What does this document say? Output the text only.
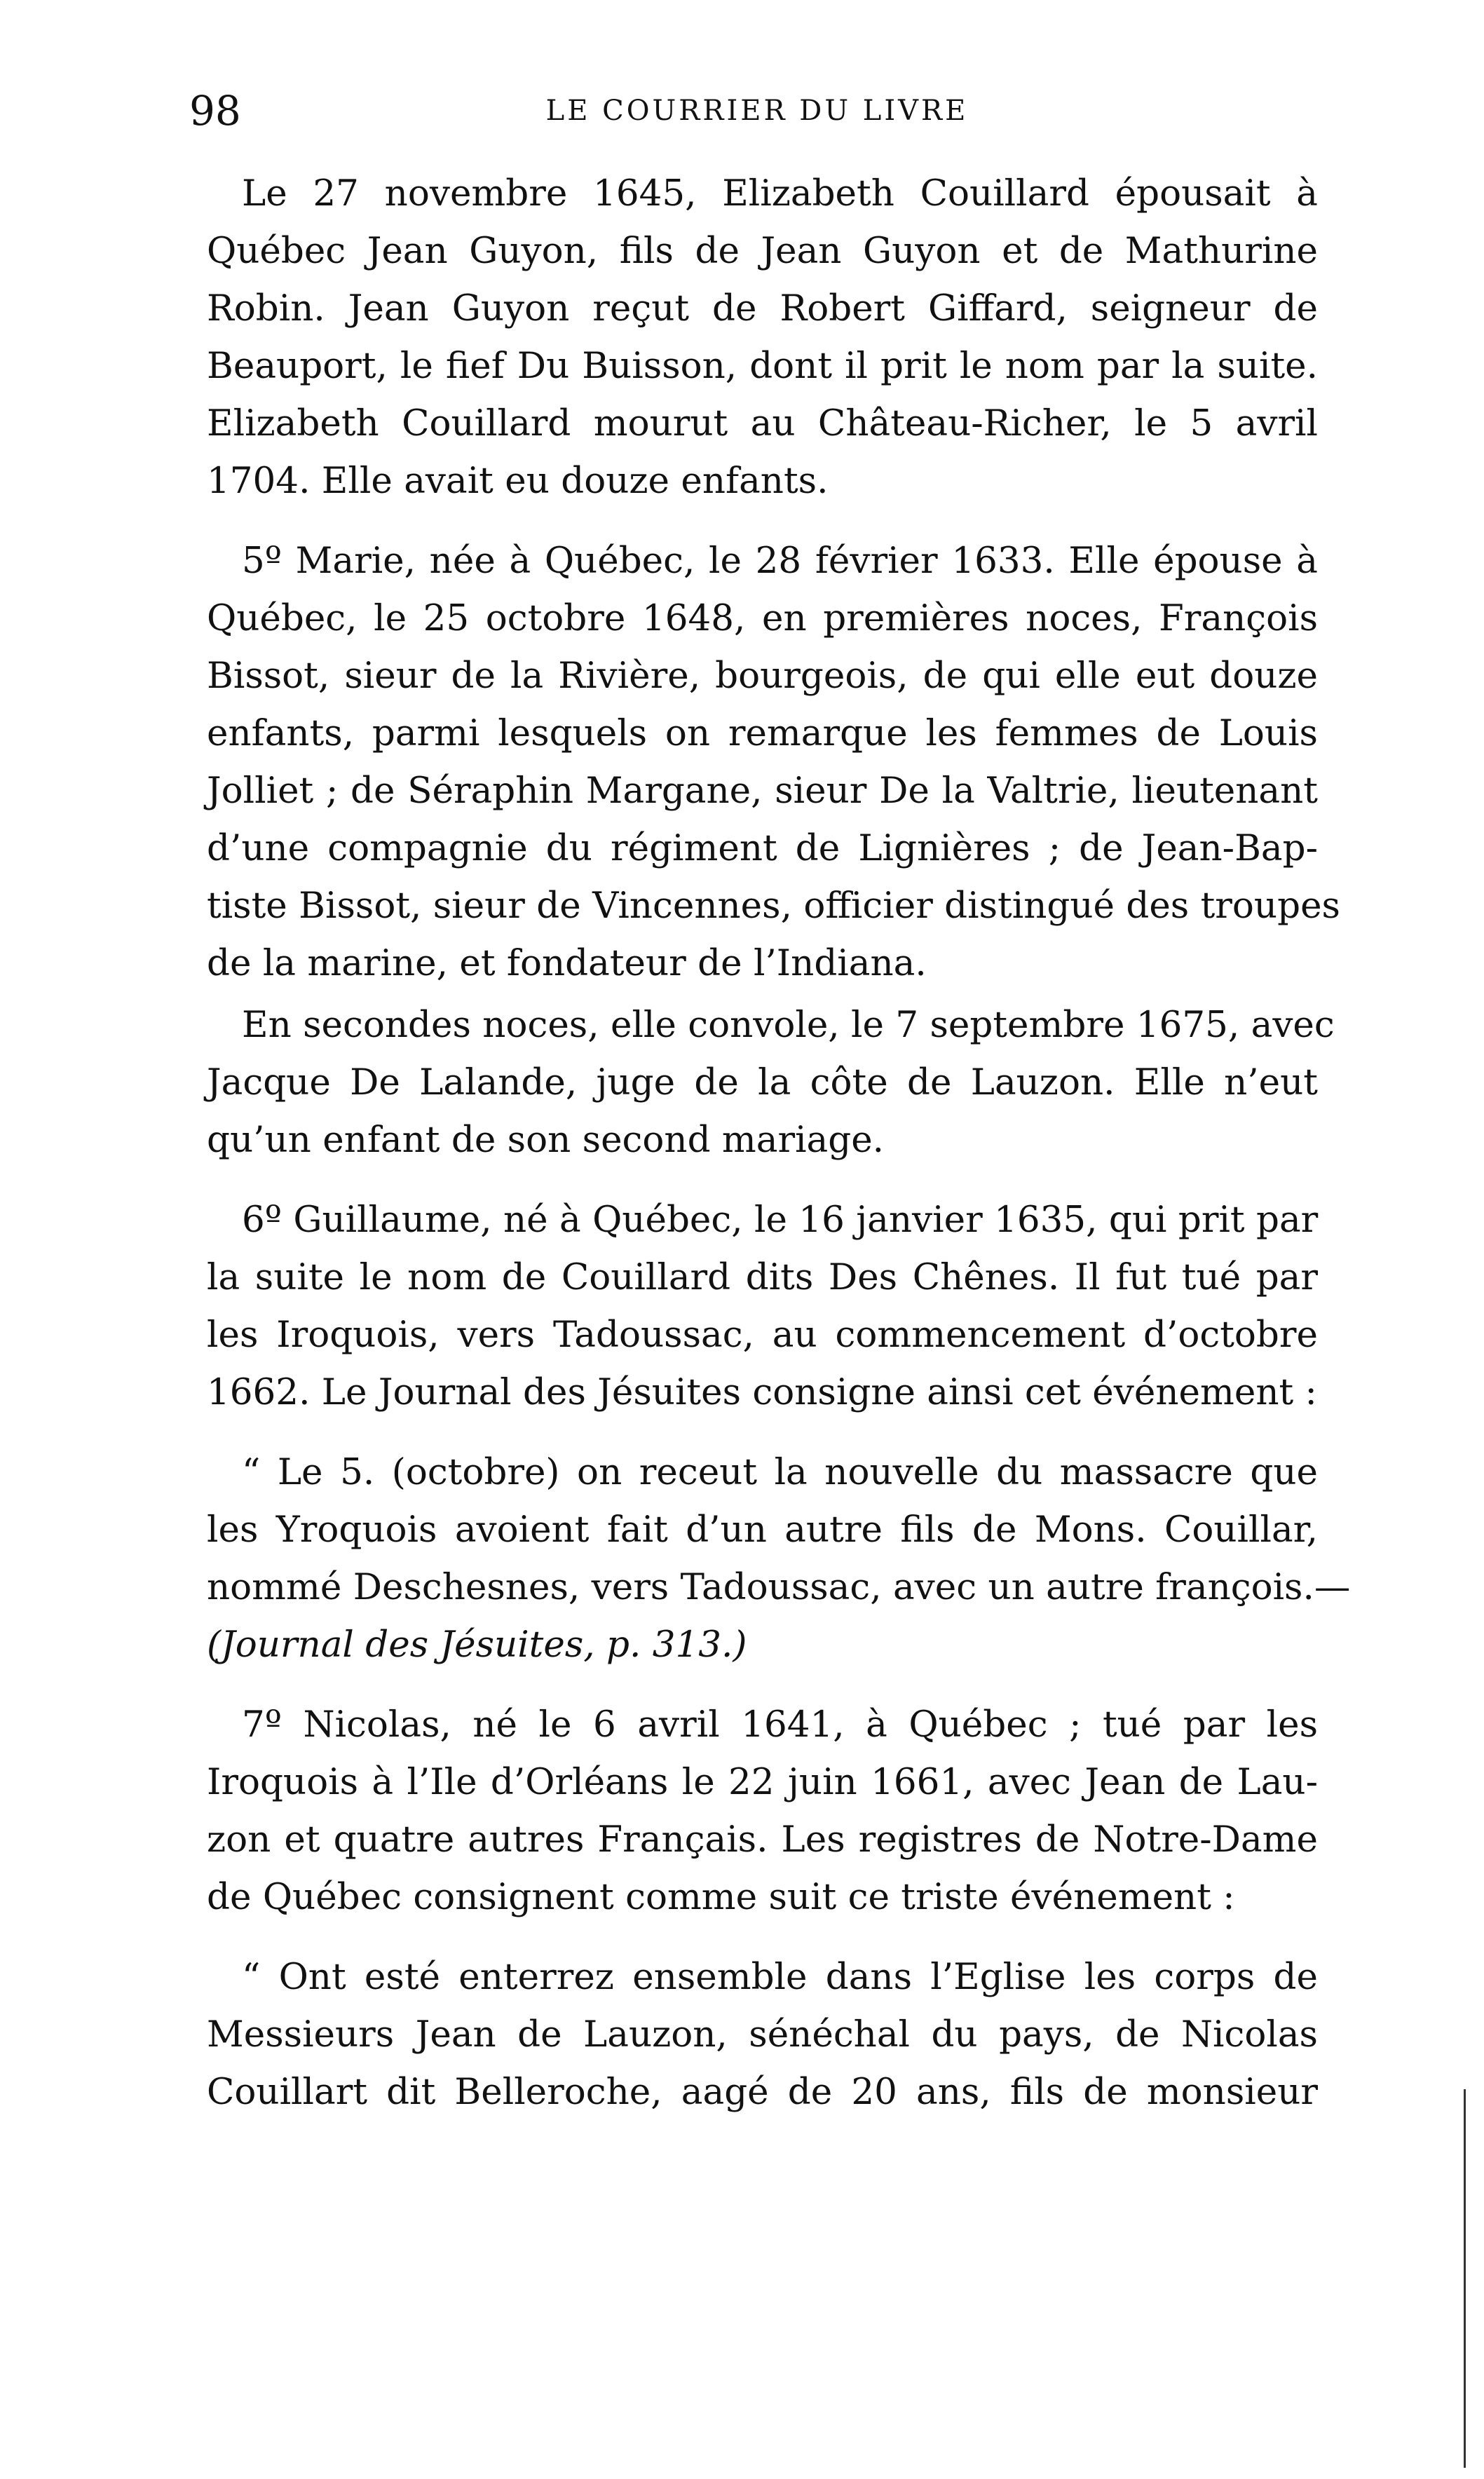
98	LE COURRIER DU LIVRE
Le 27 novembre 1645, Elizabeth Couillard épousait à
Québec Jean Guyon, fils de Jean Guyon et de Mathurine
Robin. Jean Guyon reçut de Robert Giffard, seigneur de
Beauport, le fief Du Buisson, dont il prit le nom par la suite.
Elizabeth Couillard mourut au Château-Richer, le 5 avril
1704. Elle avait eu douze enfants.
5º Marie, née à Québec, le 28 février 1633. Elle épouse à
Québec, le 25 octobre 1648, en premières noces, François
Bissot, sieur de la Rivière, bourgeois, de qui elle eut douze
enfants, parmi lesquels on remarque les femmes de Louis
Jolliet ; de Séraphin Margane, sieur De la Valtrie, lieutenant
d’une compagnie du régiment de Lignières ; de Jean-Bap-
tiste Bissot, sieur de Vincennes, officier distingué des troupes
de la marine, et fondateur de l’Indiana.
En secondes noces, elle convole, le 7 septembre 1675, avec
Jacque De Lalande, juge de la côte de Lauzon. Elle n’eut
qu’un enfant de son second mariage.
6º Guillaume, né à Québec, le 16 janvier 1635, qui prit par
la suite le nom de Couillard dits Des Chênes. Il fut tué par
les Iroquois, vers Tadoussac, au commencement d’octobre
1662. Le Journal des Jésuites consigne ainsi cet événement :
“ Le 5. (octobre) on receut la nouvelle du massacre que
les Yroquois avoient fait d’un autre fils de Mons. Couillar,
nommé Deschesnes, vers Tadoussac, avec un autre françois.—
(Journal des Jésuites, p. 313.)
7º Nicolas, né le 6 avril 1641, à Québec ; tué par les
Iroquois à l’Ile d’Orléans le 22 juin 1661, avec Jean de Lau-
zon et quatre autres Français. Les registres de Notre-Dame
de Québec consignent comme suit ce triste événement :
“ Ont esté enterrez ensemble dans l’Eglise les corps de
Messieurs Jean de Lauzon, sénéchal du pays, de Nicolas
Couillart dit Belleroche, aagé de 20 ans, fils de monsieur
